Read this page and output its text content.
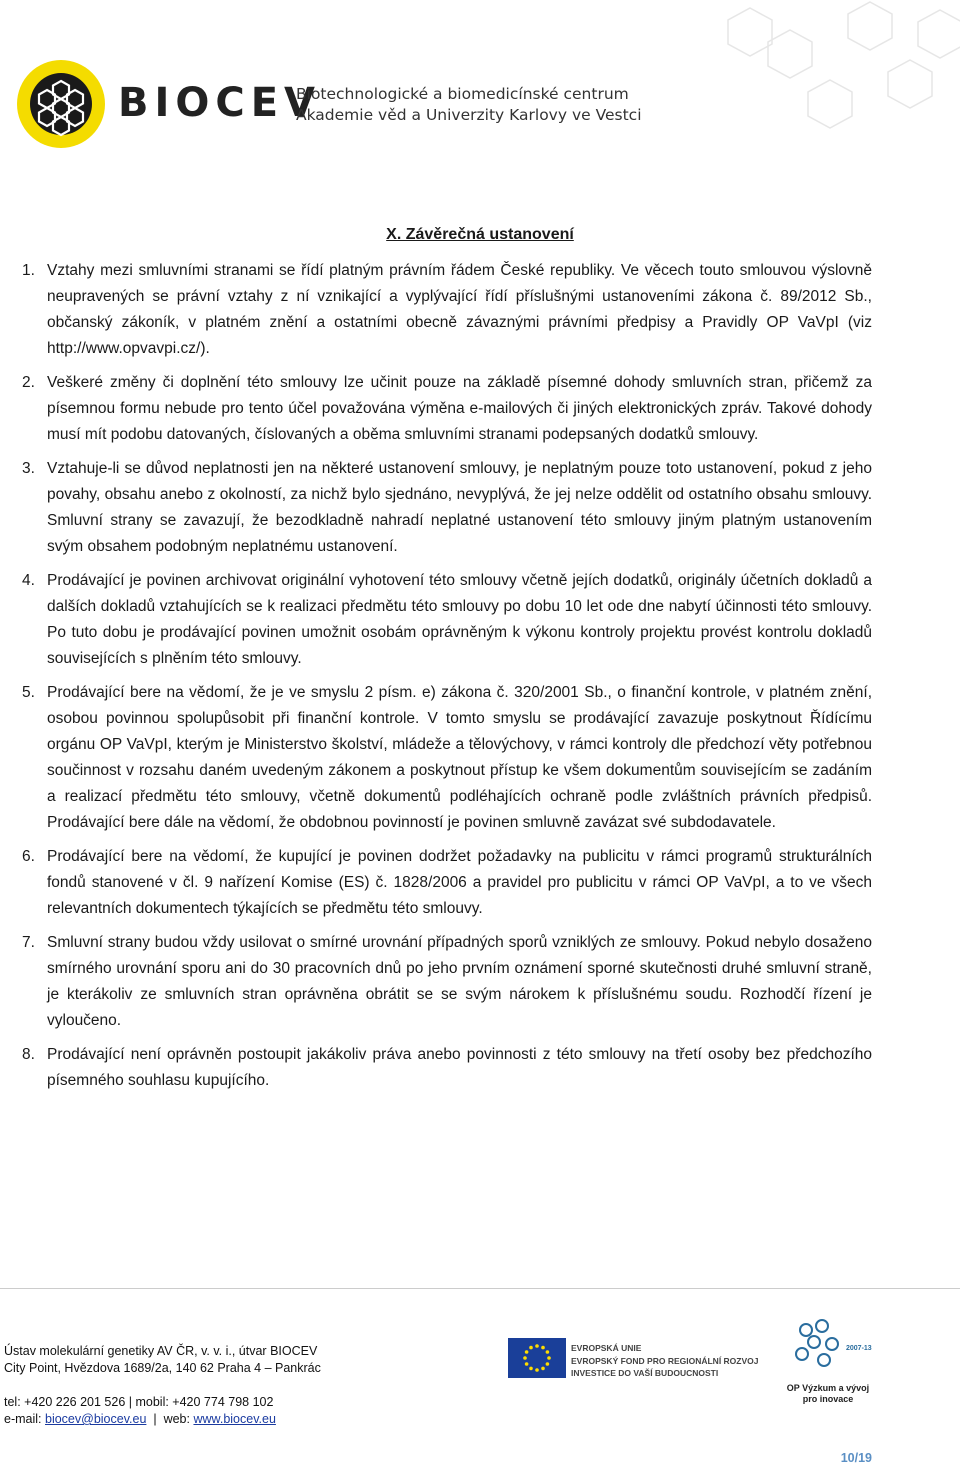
BIOCEV
Biotechnologické a biomedicínské centrum
Akademie věd a Univerzity Karlovy ve Vestci
X. Závěrečná ustanovení
1. Vztahy mezi smluvními stranami se řídí platným právním řádem České republiky. Ve věcech touto smlouvou výslovně neupravených se právní vztahy z ní vznikající a vyplývající řídí příslušnými ustanoveními zákona č. 89/2012 Sb., občanský zákoník, v platném znění a ostatními obecně závaznými právními předpisy a Pravidly OP VaVpI (viz http://www.opvavpi.cz/).
2. Veškeré změny či doplnění této smlouvy lze učinit pouze na základě písemné dohody smluvních stran, přičemž za písemnou formu nebude pro tento účel považována výměna e-mailových či jiných elektronických zpráv. Takové dohody musí mít podobu datovaných, číslovaných a oběma smluvními stranami podepsaných dodatků smlouvy.
3. Vztahuje-li se důvod neplatnosti jen na některé ustanovení smlouvy, je neplatným pouze toto ustanovení, pokud z jeho povahy, obsahu anebo z okolností, za nichž bylo sjednáno, nevyplývá, že jej nelze oddělit od ostatního obsahu smlouvy. Smluvní strany se zavazují, že bezodkladně nahradí neplatné ustanovení této smlouvy jiným platným ustanovením svým obsahem podobným neplatnému ustanovení.
4. Prodávající je povinen archivovat originální vyhotovení této smlouvy včetně jejích dodatků, originály účetních dokladů a dalších dokladů vztahujících se k realizaci předmětu této smlouvy po dobu 10 let ode dne nabytí účinnosti této smlouvy. Po tuto dobu je prodávající povinen umožnit osobám oprávněným k výkonu kontroly projektu provést kontrolu dokladů souvisejících s plněním této smlouvy.
5. Prodávající bere na vědomí, že je ve smyslu 2 písm. e) zákona č. 320/2001 Sb., o finanční kontrole, v platném znění, osobou povinnou spolupůsobit při finanční kontrole. V tomto smyslu se prodávající zavazuje poskytnout Řídícímu orgánu OP VaVpI, kterým je Ministerstvo školství, mládeže a tělovýchovy, v rámci kontroly dle předchozí věty potřebnou součinnost v rozsahu daném uvedeným zákonem a poskytnout přístup ke všem dokumentům souvisejícím se zadáním a realizací předmětu této smlouvy, včetně dokumentů podléhajících ochraně podle zvláštních právních předpisů. Prodávající bere dále na vědomí, že obdobnou povinností je povinen smluvně zavázat své subdodavatele.
6. Prodávající bere na vědomí, že kupující je povinen dodržet požadavky na publicitu v rámci programů strukturálních fondů stanovené v čl. 9 nařízení Komise (ES) č. 1828/2006 a pravidel pro publicitu v rámci OP VaVpI, a to ve všech relevantních dokumentech týkajících se předmětu této smlouvy.
7. Smluvní strany budou vždy usilovat o smírné urovnání případných sporů vzniklých ze smlouvy. Pokud nebylo dosaženo smírného urovnání sporu ani do 30 pracovních dnů po jeho prvním oznámení sporné skutečnosti druhé smluvní straně, je kterákoliv ze smluvních stran oprávněna obrátit se se svým nárokem k příslušnému soudu. Rozhodčí řízení je vyloučeno.
8. Prodávající není oprávněn postoupit jakákoliv práva anebo povinnosti z této smlouvy na třetí osoby bez předchozího písemného souhlasu kupujícího.
Ústav molekulární genetiky AV ČR, v. v. i., útvar BIOCEV
City Point, Hvězdova 1689/2a, 140 62 Praha 4 – Pankrác
tel: +420 226 201 526 | mobil: +420 774 798 102
e-mail: biocev@biocev.eu  |  web: www.biocev.eu
EVROPSKÁ UNIE
EVROPSKÝ FOND PRO REGIONÁLNÍ ROZVOJ
INVESTICE DO VAŠÍ BUDOUCNOSTI
2007-13
OP Výzkum a vývoj
pro inovace
10/19
